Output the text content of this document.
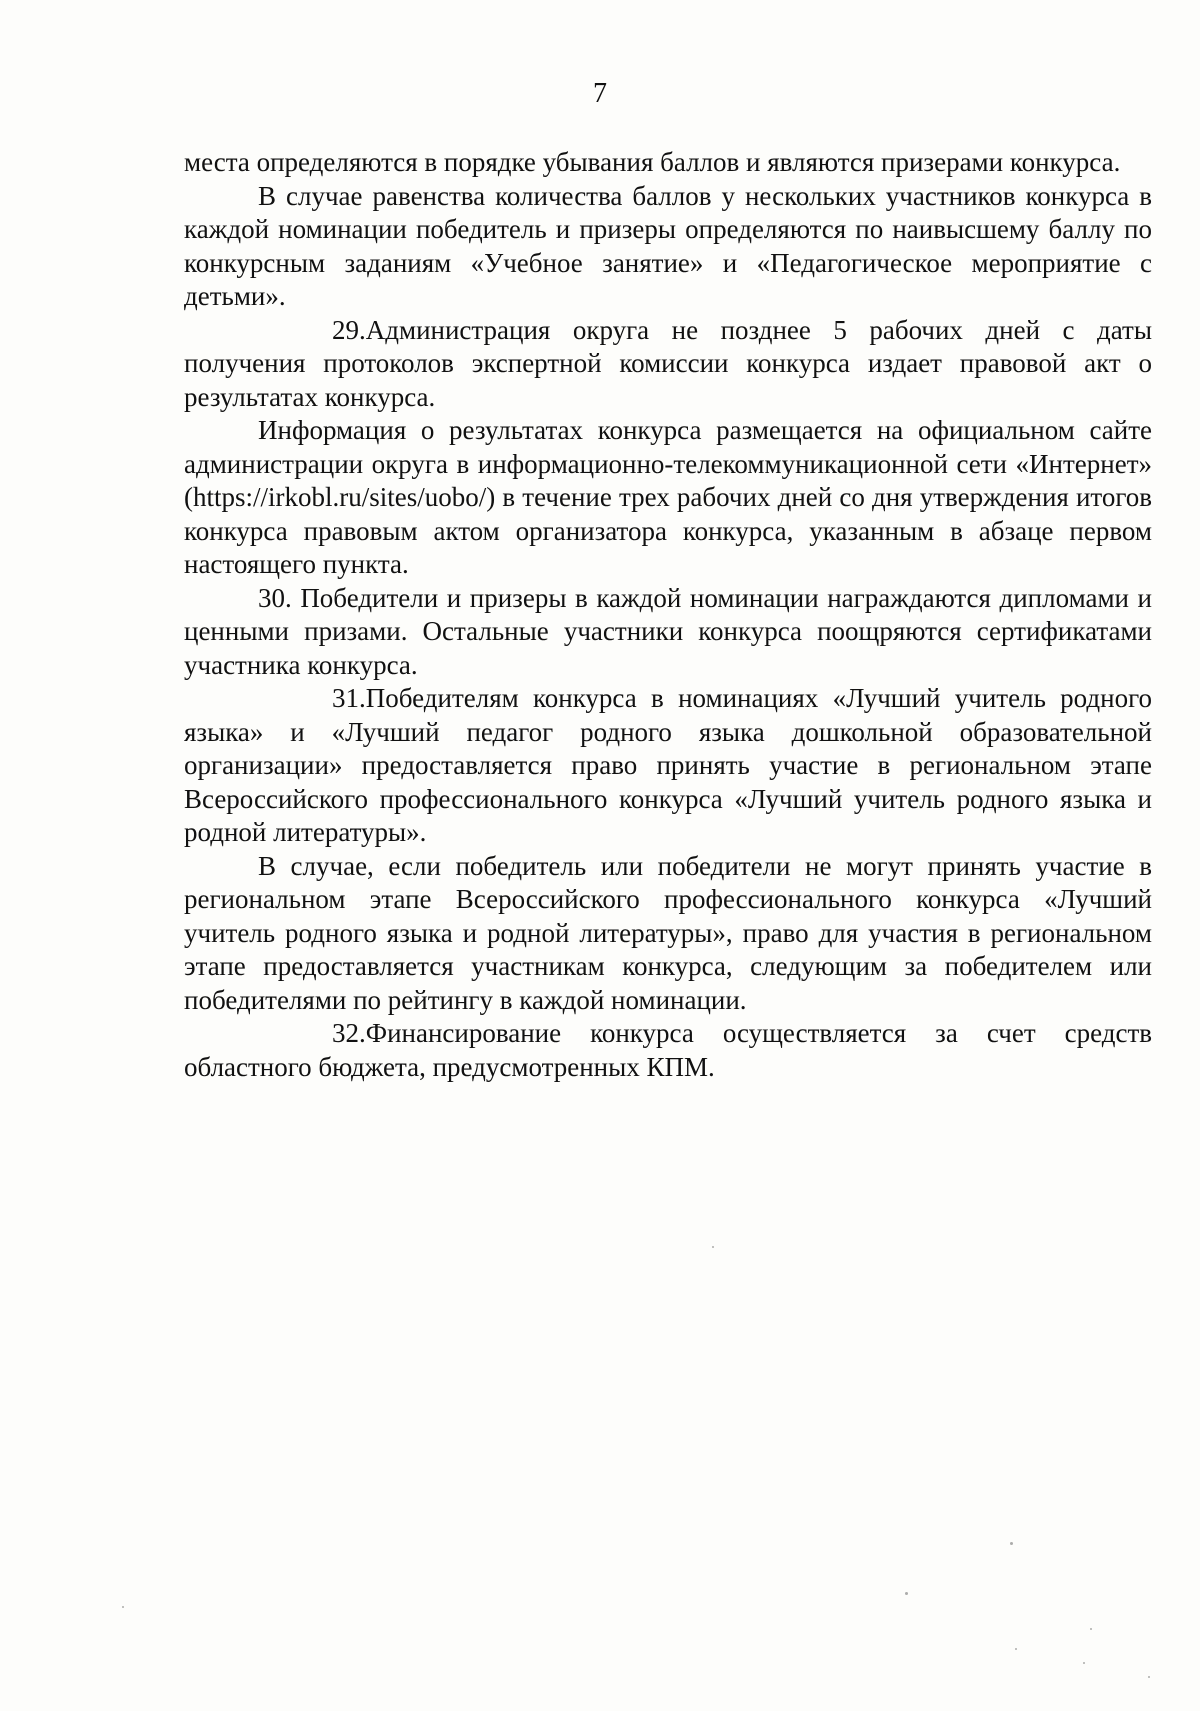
7

места определяются в порядке убывания баллов и являются призерами конкурса.

В случае равенства количества баллов у нескольких участников конкурса в каждой номинации победитель и призеры определяются по наивысшему баллу по конкурсным заданиям «Учебное занятие» и «Педагогическое мероприятие с детьми».

29.Администрация округа не позднее 5 рабочих дней с даты получения протоколов экспертной комиссии конкурса издает правовой акт о результатах конкурса.

Информация о результатах конкурса размещается на официальном сайте администрации округа в информационно-телекоммуникационной сети «Интернет» (https://irkobl.ru/sites/uobo/) в течение трех рабочих дней со дня утверждения итогов конкурса правовым актом организатора конкурса, указанным в абзаце первом настоящего пункта.

30. Победители и призеры в каждой номинации награждаются дипломами и ценными призами. Остальные участники конкурса поощряются сертификатами участника конкурса.

31.Победителям конкурса в номинациях «Лучший учитель родного языка» и «Лучший педагог родного языка дошкольной образовательной организации» предоставляется право принять участие в региональном этапе Всероссийского профессионального конкурса «Лучший учитель родного языка и родной литературы».

В случае, если победитель или победители не могут принять участие в региональном этапе Всероссийского профессионального конкурса «Лучший учитель родного языка и родной литературы», право для участия в региональном этапе предоставляется участникам конкурса, следующим за победителем или победителями по рейтингу в каждой номинации.

32.Финансирование конкурса осуществляется за счет средств областного бюджета, предусмотренных КПМ.
